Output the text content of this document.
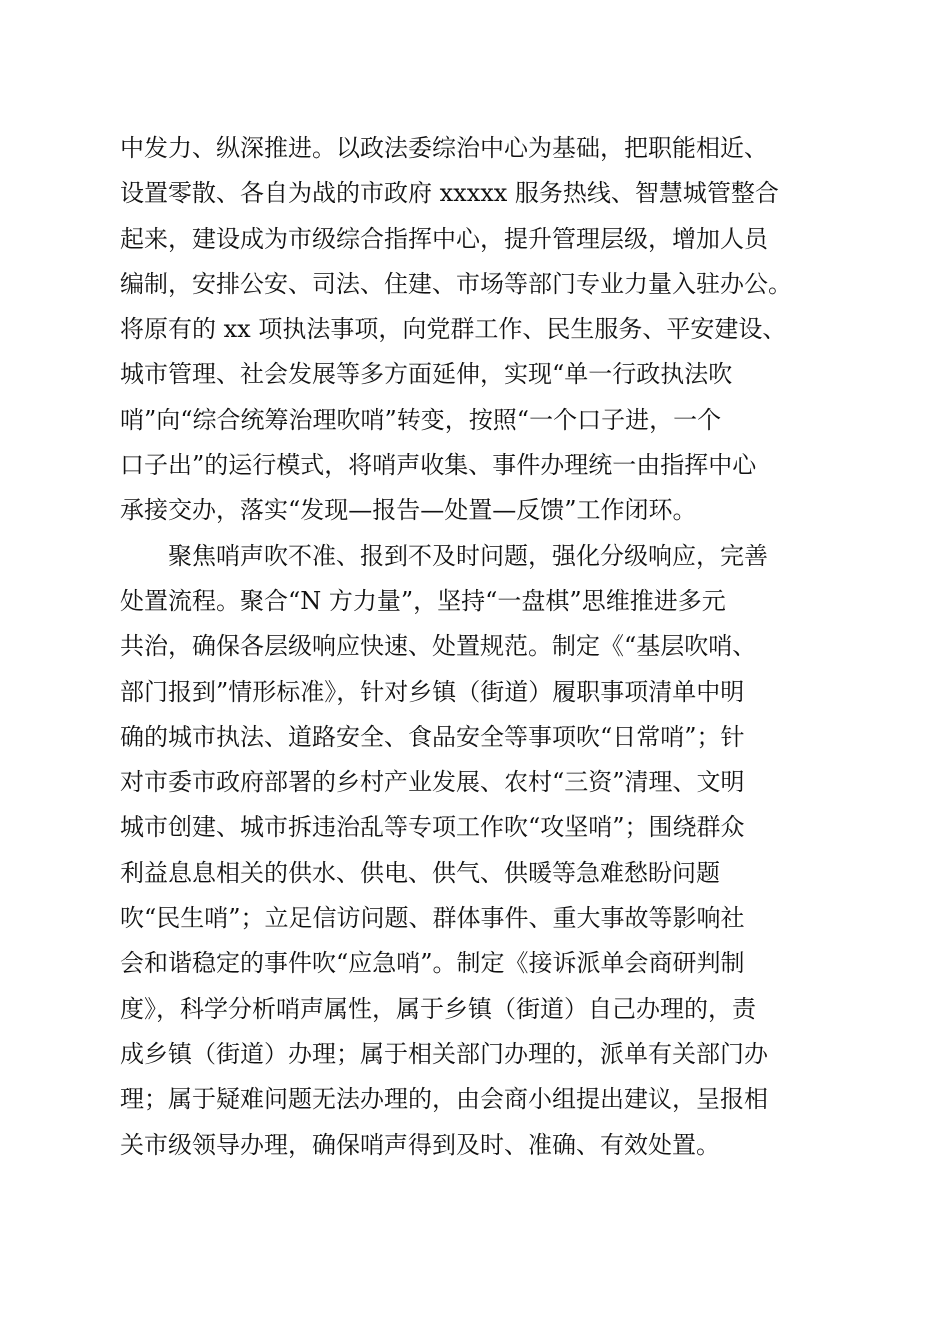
中发力、纵深推进。以政法委综治中心为基础，把职能相近、
设置零散、各自为战的市政府 xxxxx 服务热线、智慧城管整合
起来，建设成为市级综合指挥中心，提升管理层级，增加人员
编制，安排公安、司法、住建、市场等部门专业力量入驻办公。
将原有的 xx 项执法事项，向党群工作、民生服务、平安建设、
城市管理、社会发展等多方面延伸，实现“单一行政执法吹
哨”向“综合统筹治理吹哨”转变，按照“一个口子进，一个
口子出”的运行模式，将哨声收集、事件办理统一由指挥中心
承接交办，落实“发现—报告—处置—反馈”工作闭环。
聚焦哨声吹不准、报到不及时问题，强化分级响应，完善
处置流程。聚合“N 方力量”，坚持“一盘棋”思维推进多元
共治，确保各层级响应快速、处置规范。制定《“基层吹哨、
部门报到”情形标准》，针对乡镇（街道）履职事项清单中明
确的城市执法、道路安全、食品安全等事项吹“日常哨”；针
对市委市政府部署的乡村产业发展、农村“三资”清理、文明
城市创建、城市拆违治乱等专项工作吹“攻坚哨”；围绕群众
利益息息相关的供水、供电、供气、供暖等急难愁盼问题
吹“民生哨”；立足信访问题、群体事件、重大事故等影响社
会和谐稳定的事件吹“应急哨”。制定《接诉派单会商研判制
度》，科学分析哨声属性，属于乡镇（街道）自己办理的，责
成乡镇（街道）办理；属于相关部门办理的，派单有关部门办
理；属于疑难问题无法办理的，由会商小组提出建议，呈报相
关市级领导办理，确保哨声得到及时、准确、有效处置。
